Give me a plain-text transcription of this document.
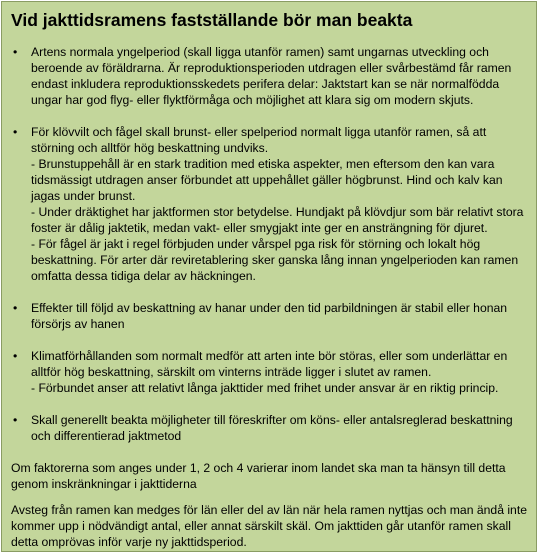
Vid jakttidsramens fastställande bör man beakta
• Artens normala yngelperiod (skall ligga utanför ramen) samt ungarnas utveckling och beroende av föräldrarna. Är reproduktionsperioden utdragen eller svårbestämd får ramen endast inkludera reproduktionsskedets perifera delar: Jaktstart kan se när normalfödda ungar har god flyg- eller flyktförmåga och möjlighet att klara sig om modern skjuts.
• För klövvilt och fågel skall brunst- eller spelperiod normalt ligga utanför ramen, så att störning och alltför hög beskattning undviks.
- Brunstuppehåll är en stark tradition med etiska aspekter, men eftersom den kan vara tidsmässigt utdragen anser förbundet att uppehållet gäller högbrunst. Hind och kalv kan jagas under brunst.
- Under dräktighet har jaktformen stor betydelse. Hundjakt på klövdjur som bär relativt stora foster är dålig jaktetik, medan vakt- eller smygjakt inte ger en ansträngning för djuret.
- För fågel är jakt i regel förbjuden under vårspel pga risk för störning och lokalt hög beskattning. För arter där reviretablering sker ganska lång innan yngelperioden kan ramen omfatta dessa tidiga delar av häckningen.
• Effekter till följd av beskattning av hanar under den tid parbildningen är stabil eller honan försörjs av hanen
• Klimatförhållanden som normalt medför att arten inte bör störas, eller som underlättar en alltför hög beskattning, särskilt om vinterns inträde ligger i slutet av ramen.
- Förbundet anser att relativt långa jakttider med frihet under ansvar är en riktig princip.
• Skall generellt beakta möjligheter till föreskrifter om köns- eller antalsreglerad beskattning och differentierad jaktmetod

Om faktorerna som anges under 1, 2 och 4 varierar inom landet ska man ta hänsyn till detta genom inskränkningar i jakttiderna

Avsteg från ramen kan medges för län eller del av län när hela ramen nyttjas och man ändå inte kommer upp i nödvändigt antal, eller annat särskilt skäl. Om jakttiden går utanför ramen skall detta omprövas inför varje ny jakttidsperiod.
